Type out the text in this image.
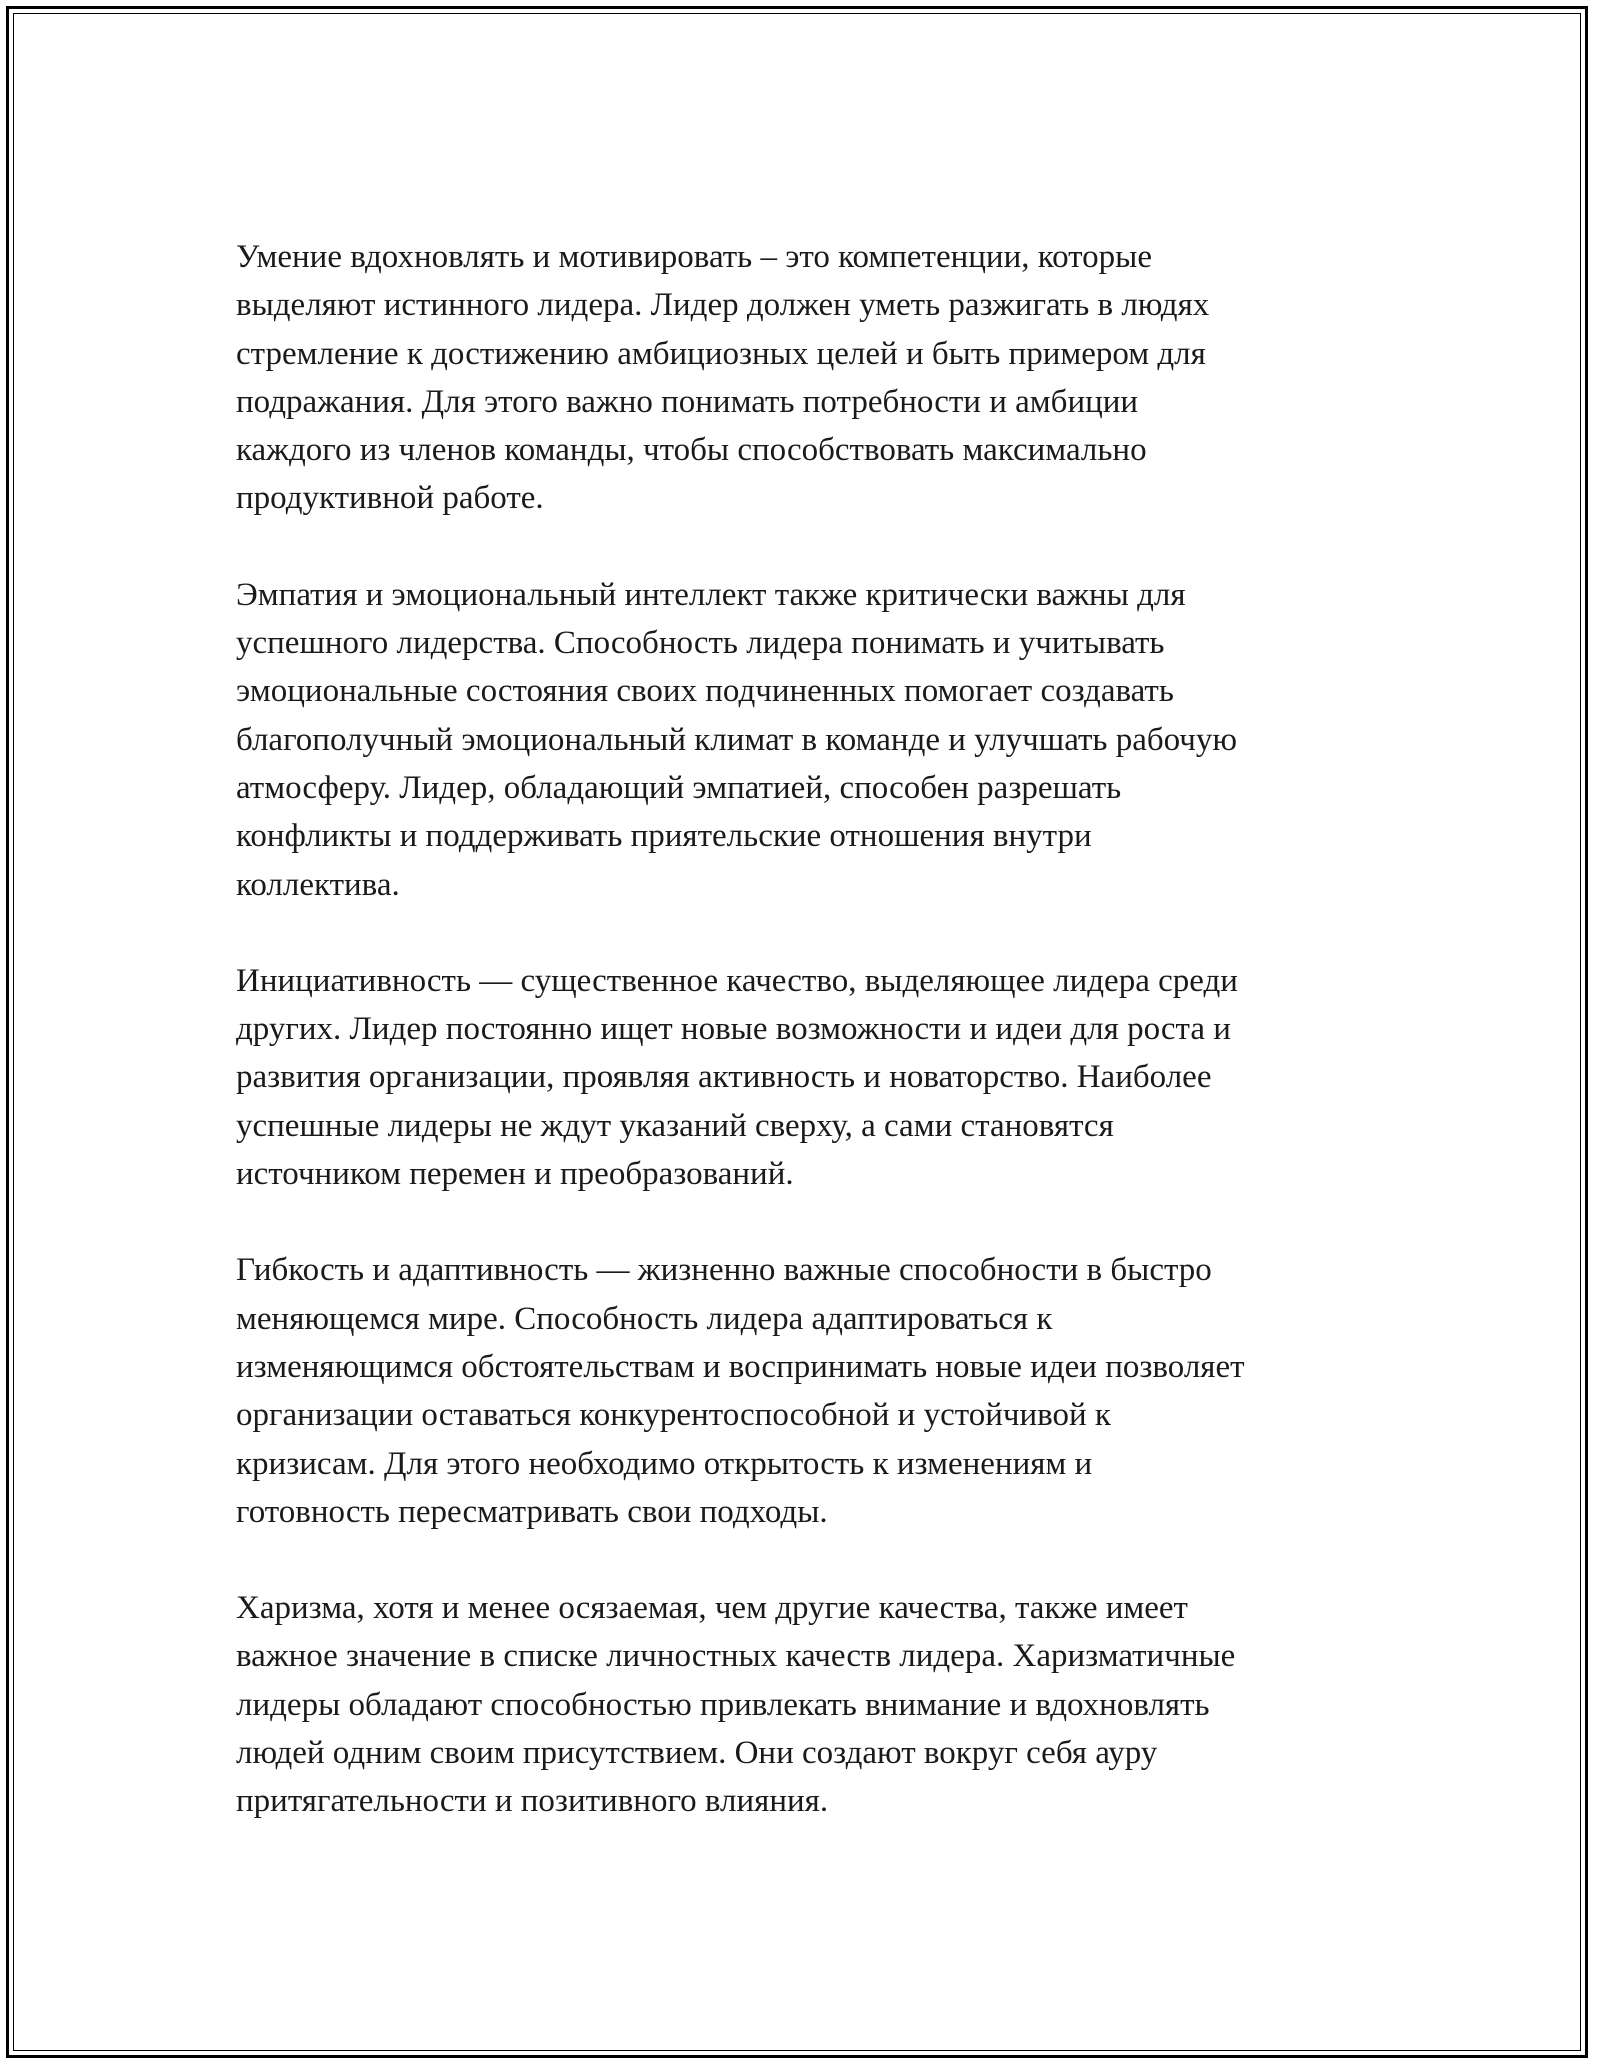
Умение вдохновлять и мотивировать – это компетенции, которые
выделяют истинного лидера. Лидер должен уметь разжигать в людях
стремление к достижению амбициозных целей и быть примером для
подражания. Для этого важно понимать потребности и амбиции
каждого из членов команды, чтобы способствовать максимально
продуктивной работе.

Эмпатия и эмоциональный интеллект также критически важны для
успешного лидерства. Способность лидера понимать и учитывать
эмоциональные состояния своих подчиненных помогает создавать
благополучный эмоциональный климат в команде и улучшать рабочую
атмосферу. Лидер, обладающий эмпатией, способен разрешать
конфликты и поддерживать приятельские отношения внутри
коллектива.

Инициативность — существенное качество, выделяющее лидера среди
других. Лидер постоянно ищет новые возможности и идеи для роста и
развития организации, проявляя активность и новаторство. Наиболее
успешные лидеры не ждут указаний сверху, а сами становятся
источником перемен и преобразований.

Гибкость и адаптивность — жизненно важные способности в быстро
меняющемся мире. Способность лидера адаптироваться к
изменяющимся обстоятельствам и воспринимать новые идеи позволяет
организации оставаться конкурентоспособной и устойчивой к
кризисам. Для этого необходимо открытость к изменениям и
готовность пересматривать свои подходы.

Харизма, хотя и менее осязаемая, чем другие качества, также имеет
важное значение в списке личностных качеств лидера. Харизматичные
лидеры обладают способностью привлекать внимание и вдохновлять
людей одним своим присутствием. Они создают вокруг себя ауру
притягательности и позитивного влияния.
